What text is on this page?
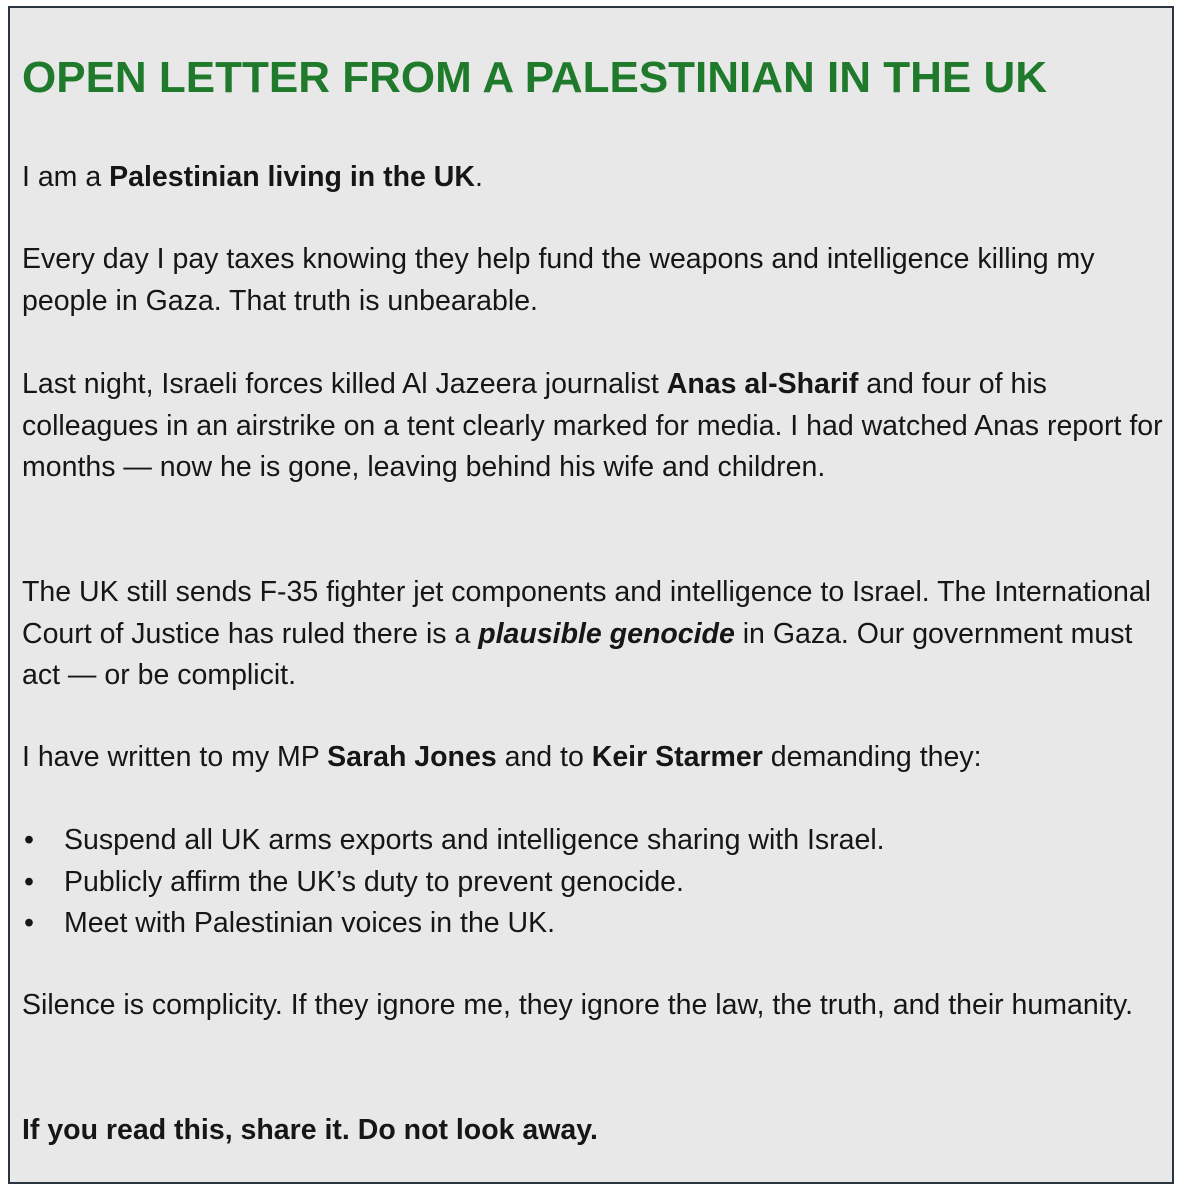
OPEN LETTER FROM A PALESTINIAN IN THE UK

I am a Palestinian living in the UK.

Every day I pay taxes knowing they help fund the weapons and intelligence killing my people in Gaza. That truth is unbearable.

Last night, Israeli forces killed Al Jazeera journalist Anas al-Sharif and four of his colleagues in an airstrike on a tent clearly marked for media. I had watched Anas report for months — now he is gone, leaving behind his wife and children.

The UK still sends F-35 fighter jet components and intelligence to Israel. The International Court of Justice has ruled there is a plausible genocide in Gaza. Our government must act — or be complicit.

I have written to my MP Sarah Jones and to Keir Starmer demanding they:

• Suspend all UK arms exports and intelligence sharing with Israel.
• Publicly affirm the UK’s duty to prevent genocide.
• Meet with Palestinian voices in the UK.

Silence is complicity. If they ignore me, they ignore the law, the truth, and their humanity.

If you read this, share it. Do not look away.
